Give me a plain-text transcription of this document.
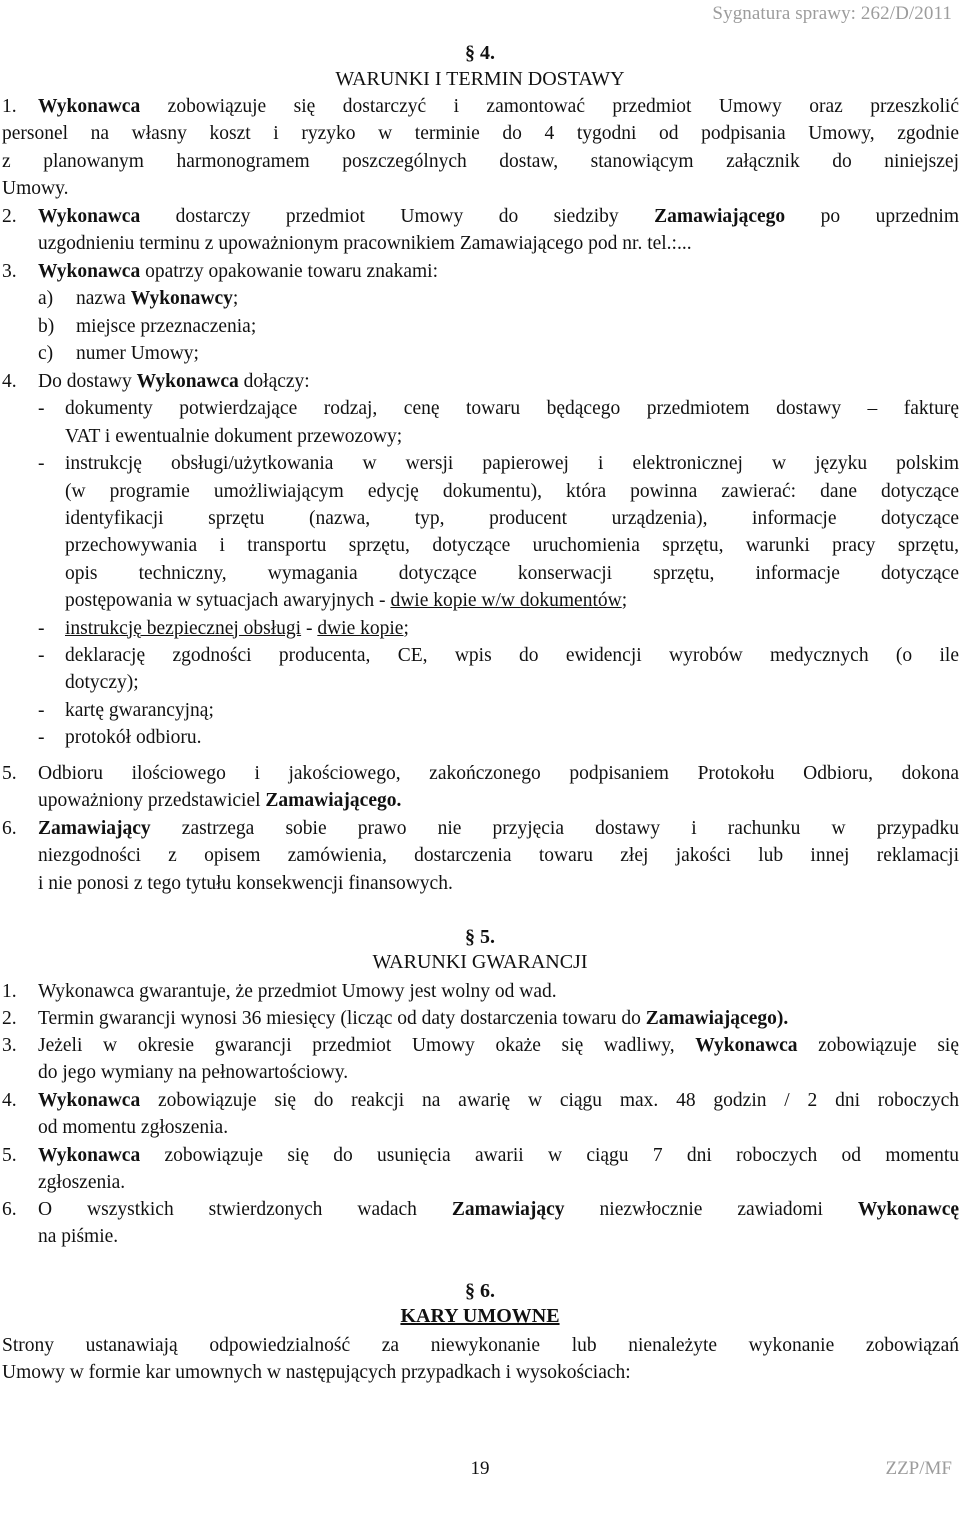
Sygnatura sprawy: 262/D/2011
§ 4.
WARUNKI I TERMIN DOSTAWY
1. Wykonawca zobowiązuje się dostarczyć i zamontować przedmiot Umowy oraz przeszkolić
personel na własny koszt i ryzyko w terminie do 4 tygodni od podpisania Umowy, zgodnie
z planowanym harmonogramem poszczególnych dostaw, stanowiącym załącznik do niniejszej
Umowy.
2. Wykonawca dostarczy przedmiot Umowy do siedziby Zamawiającego po uprzednim
uzgodnieniu terminu z upoważnionym pracownikiem Zamawiającego pod nr. tel.:...
3. Wykonawca opatrzy opakowanie towaru znakami:
a) nazwa Wykonawcy;
b) miejsce przeznaczenia;
c) numer Umowy;
4. Do dostawy Wykonawca dołączy:
- dokumenty potwierdzające rodzaj, cenę towaru będącego przedmiotem dostawy – fakturę
VAT i ewentualnie dokument przewozowy;
- instrukcję obsługi/użytkowania w wersji papierowej i elektronicznej w języku polskim
(w programie umożliwiającym edycję dokumentu), która powinna zawierać: dane dotyczące
identyfikacji sprzętu (nazwa, typ, producent urządzenia), informacje dotyczące
przechowywania i transportu sprzętu, dotyczące uruchomienia sprzętu, warunki pracy sprzętu,
opis techniczny, wymagania dotyczące konserwacji sprzętu, informacje dotyczące
postępowania w sytuacjach awaryjnych - dwie kopie w/w dokumentów;
- instrukcję bezpiecznej obsługi - dwie kopie;
- deklarację zgodności producenta, CE, wpis do ewidencji wyrobów medycznych (o ile
dotyczy);
- kartę gwarancyjną;
- protokół odbioru.
5. Odbioru ilościowego i jakościowego, zakończonego podpisaniem Protokołu Odbioru, dokona
upoważniony przedstawiciel Zamawiającego.
6. Zamawiający zastrzega sobie prawo nie przyjęcia dostawy i rachunku w przypadku
niezgodności z opisem zamówienia, dostarczenia towaru złej jakości lub innej reklamacji
i nie ponosi z tego tytułu konsekwencji finansowych.
§ 5.
WARUNKI GWARANCJI
1. Wykonawca gwarantuje, że przedmiot Umowy jest wolny od wad.
2. Termin gwarancji wynosi 36 miesięcy (licząc od daty dostarczenia towaru do Zamawiającego).
3. Jeżeli w okresie gwarancji przedmiot Umowy okaże się wadliwy, Wykonawca zobowiązuje się
do jego wymiany na pełnowartościowy.
4. Wykonawca zobowiązuje się do reakcji na awarię w ciągu max. 48 godzin / 2 dni roboczych
od momentu zgłoszenia.
5. Wykonawca zobowiązuje się do usunięcia awarii w ciągu 7 dni roboczych od momentu
zgłoszenia.
6. O wszystkich stwierdzonych wadach Zamawiający niezwłocznie zawiadomi Wykonawcę
na piśmie.
§ 6.
KARY UMOWNE
Strony ustanawiają odpowiedzialność za niewykonanie lub nienależyte wykonanie zobowiązań
Umowy w formie kar umownych w następujących przypadkach i wysokościach:
19	ZZP/MF
